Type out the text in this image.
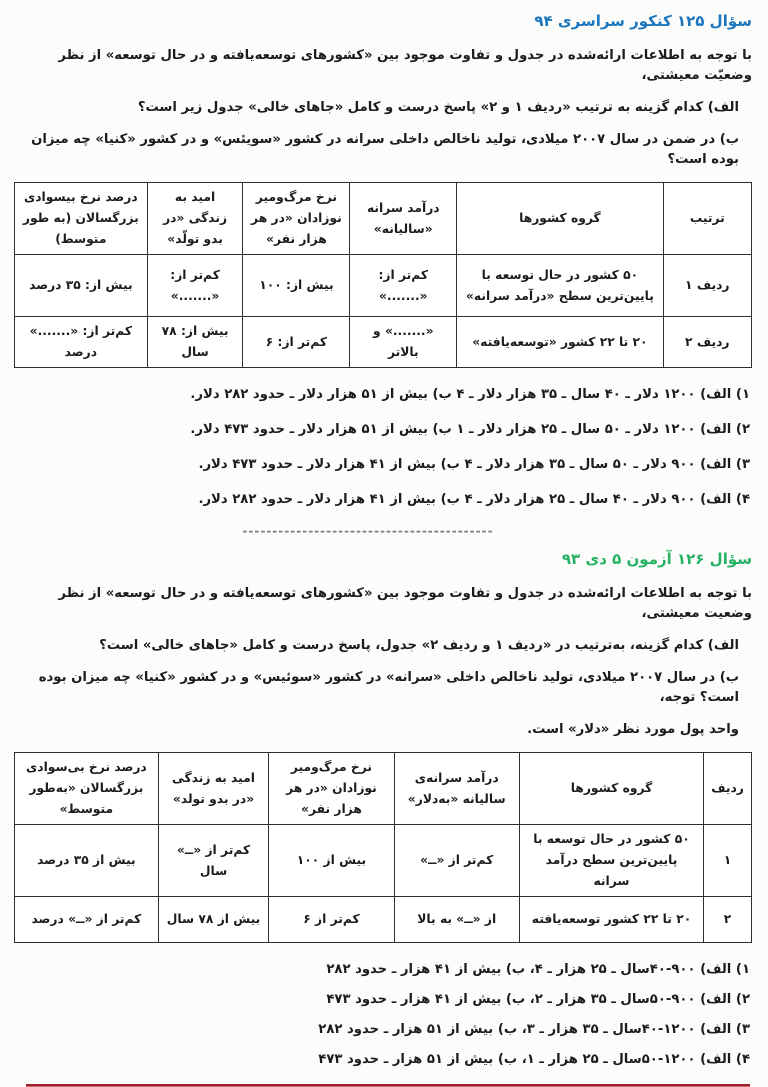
سؤال ۱۲۵ کنکور سراسری ۹۴
با توجه به اطلاعات ارائه‌شده در جدول و تفاوت موجود بین «کشورهای توسعه‌یافته و در حال توسعه» از نظر وضعیّت معیشتی،
الف) کدام گزینه به ترتیب «ردیف ۱ و ۲» پاسخ درست و کامل «جاهای خالی» جدول زیر است؟
ب) در ضمن در سال ۲۰۰۷ میلادی، تولید ناخالص داخلی سرانه در کشور «سویئس» و در کشور «کنیا» چه میزان بوده است؟
ترتیب	گروه کشورها	درآمد سرانه «سالیانه»	نرخ مرگ‌ومیر نوزادان «در هر هزار نفر»	امید به زندگی «در بدو تولّد»	درصد نرخ بیسوادی بزرگسالان (به طور متوسط)
ردیف ۱	۵۰ کشور در حال توسعه با پایین‌ترین سطح «درآمد سرانه»	کم‌تر از: «.......»	بیش از: ۱۰۰	کم‌تر از: «.......»	بیش از: ۳۵ درصد
ردیف ۲	۲۰ تا ۲۲ کشور «توسعه‌یافته»	«.......» و بالاتر	کم‌تر از: ۶	بیش از: ۷۸ سال	کم‌تر از: «.......» درصد
۱) الف) ۱۲۰۰ دلار ـ ۴۰ سال ـ ۳۵ هزار دلار ـ ۴ ب) بیش از ۵۱ هزار دلار ـ حدود ۲۸۲ دلار.
۲) الف) ۱۲۰۰ دلار ـ ۵۰ سال ـ ۲۵ هزار دلار ـ ۱ ب) بیش از ۵۱ هزار دلار ـ حدود ۴۷۳ دلار.
۳) الف) ۹۰۰ دلار ـ ۵۰ سال ـ ۳۵ هزار دلار ـ ۴ ب) بیش از ۴۱ هزار دلار ـ حدود ۴۷۳ دلار.
۴) الف) ۹۰۰ دلار ـ ۴۰ سال ـ ۲۵ هزار دلار ـ ۴ ب) بیش از ۴۱ هزار دلار ـ حدود ۲۸۲ دلار.
------------------------------------------
سؤال ۱۲۶ آزمون ۵ دی ۹۳
با توجه به اطلاعات ارائه‌شده در جدول و تفاوت موجود بین «کشورهای توسعه‌یافته و در حال توسعه» از نظر وضعیت معیشتی،
الف) کدام گزینه، به‌ترتیب در «ردیف ۱ و ردیف ۲» جدول، پاسخ درست و کامل «جاهای خالی» است؟
ب) در سال ۲۰۰۷ میلادی، تولید ناخالص داخلی «سرانه» در کشور «سوئیس» و در کشور «کنیا» چه میزان بوده است؟ توجه،
واحد پول مورد نظر «دلار» است.
ردیف	گروه کشورها	درآمد سرانه‌ی سالیانه «به‌دلار»	نرخ مرگ‌ومیر نوزادان «در هر هزار نفر»	امید به زندگی «در بدو تولد»	درصد نرخ بی‌سوادی بزرگسالان «به‌طور متوسط»
۱	۵۰ کشور در حال توسعه با پایین‌ترین سطح درآمد سرانه	کم‌تر از «ــ»	بیش از ۱۰۰	کم‌تر از «ــ» سال	بیش از ۳۵ درصد
۲	۲۰ تا ۲۲ کشور توسعه‌یافته	از «ــ» به بالا	کم‌تر از ۶	بیش از ۷۸ سال	کم‌تر از «ــ» درصد
۱) الف) ۹۰۰-۴۰سال ـ ۲۵ هزار ـ ۴، ب) بیش از ۴۱ هزار ـ حدود ۲۸۲
۲) الف) ۹۰۰-۵۰سال ـ ۳۵ هزار ـ ۲، ب) بیش از ۴۱ هزار ـ حدود ۴۷۳
۳) الف) ۱۲۰۰-۴۰سال ـ ۳۵ هزار ـ ۳، ب) بیش از ۵۱ هزار ـ حدود ۲۸۲
۴) الف) ۱۲۰۰-۵۰سال ـ ۲۵ هزار ـ ۱، ب) بیش از ۵۱ هزار ـ حدود ۴۷۳
